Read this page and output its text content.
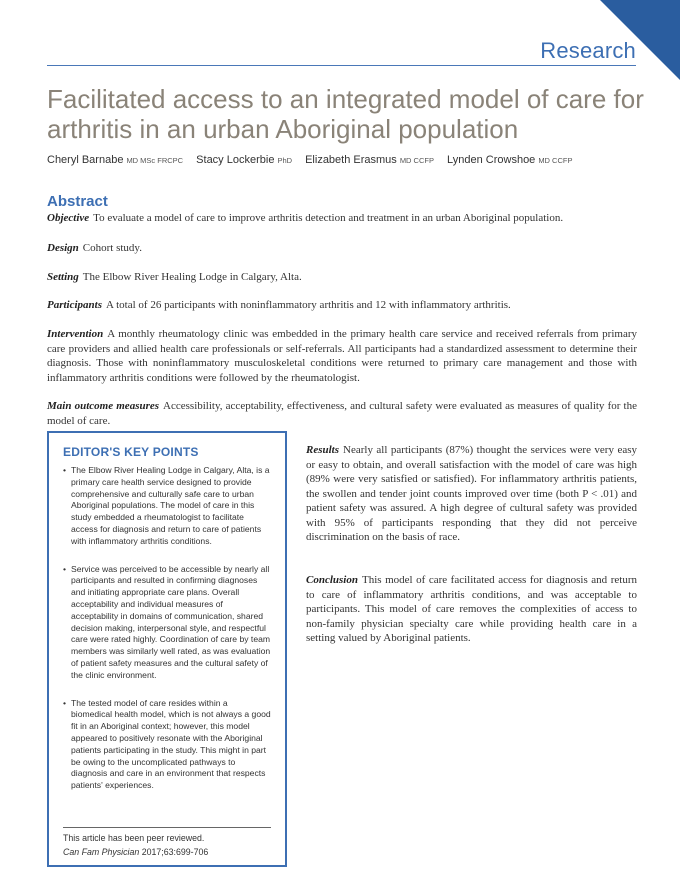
Research
Facilitated access to an integrated model of care for arthritis in an urban Aboriginal population
Cheryl Barnabe MD MSc FRCPC Stacy Lockerbie PhD Elizabeth Erasmus MD CCFP Lynden Crowshoe MD CCFP
Abstract

Objective To evaluate a model of care to improve arthritis detection and treatment in an urban Aboriginal population.

Design Cohort study.

Setting The Elbow River Healing Lodge in Calgary, Alta.

Participants A total of 26 participants with noninflammatory arthritis and 12 with inflammatory arthritis.

Intervention A monthly rheumatology clinic was embedded in the primary health care service and received referrals from primary care providers and allied health care professionals or self-referrals. All participants had a standardized assessment to determine their diagnosis. Those with noninflammatory musculoskeletal conditions were returned to primary care management and those with inflammatory arthritis conditions were followed by the rheumatologist.

Main outcome measures Accessibility, acceptability, effectiveness, and cultural safety were evaluated as measures of quality for the model of care.

Results Nearly all participants (87%) thought the services were very easy or easy to obtain, and overall satisfaction with the model of care was high (89% were very satisfied or satisfied). For inflammatory arthritis patients, the swollen and tender joint counts improved over time (both P < .01) and patient safety was assured. A high degree of cultural safety was provided with 95% of participants responding that they did not perceive discrimination on the basis of race.

Conclusion This model of care facilitated access for diagnosis and return to care of inflammatory arthritis conditions, and was acceptable to participants. This model of care removes the complexities of access to non-family physician specialty care while providing health care in a setting valued by Aboriginal patients.

EDITOR'S KEY POINTS
• The Elbow River Healing Lodge in Calgary, Alta, is a primary care health service designed to provide comprehensive and culturally safe care to urban Aboriginal populations. The model of care in this study embedded a rheumatologist to facilitate access for diagnosis and return to care of patients with inflammatory arthritis conditions.
• Service was perceived to be accessible by nearly all participants and resulted in confirming diagnoses and initiating appropriate care plans. Overall acceptability and individual measures of acceptability in domains of communication, shared decision making, interpersonal style, and respectful care were rated highly. Coordination of care by team members was similarly well rated, as was evaluation of patient safety measures and the cultural safety of the clinic environment.
• The tested model of care resides within a biomedical health model, which is not always a good fit in an Aboriginal context; however, this model appeared to positively resonate with the Aboriginal patients participating in the study. This might in part be owing to the uncomplicated pathways to diagnosis and care in an environment that respects patients' experiences.
This article has been peer reviewed.
Can Fam Physician 2017;63:699-706
